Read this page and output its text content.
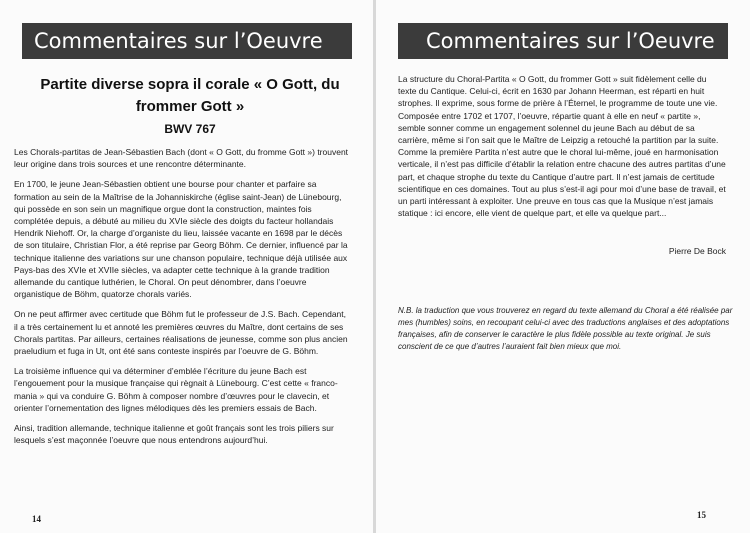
Commentaires sur l’Oeuvre
Partite diverse sopra il corale « O Gott, du frommer Gott »
BWV 767

Les Chorals-partitas de Jean-Sébastien Bach (dont « O Gott, du fromme Gott ») trouvent leur origine dans trois sources et une rencontre déterminante.

En 1700, le jeune Jean-Sébastien obtient une bourse pour chanter et parfaire sa formation au sein de la Maîtrise de la Johanniskirche (église saint-Jean) de Lünebourg, qui possède en son sein un magnifique orgue dont la construction, maintes fois complétée depuis, a débuté au milieu du XVIe siècle des doigts du facteur hollandais Hendrik Niehoff. Or, la charge d’organiste du lieu, laissée vacante en 1698 par le décès de son titulaire, Christian Flor, a été reprise par Georg Böhm. Ce dernier, influencé par la technique italienne des variations sur une chanson populaire, technique déjà utilisée aux Pays-bas des XVIe et XVIIe siècles, va adapter cette technique à la grande tradition allemande du cantique luthérien, le Choral. On peut dénombrer, dans l’oeuvre organistique de Böhm, quatorze chorals variés.

On ne peut affirmer avec certitude que Böhm fut le professeur de J.S. Bach. Cependant, il a très certainement lu et annoté les premières œuvres du Maître, dont certains de ses Chorals partitas. Par ailleurs, certaines réalisations de jeunesse, comme son plus ancien praeludium et fuga in Ut, ont été sans conteste inspirés par l’oeuvre de G. Böhm.

La troisième influence qui va déterminer d’emblée l’écriture du jeune Bach est l’engouement pour la musique française qui règnait à Lünebourg. C’est cette « franco-mania » qui va conduire G. Böhm à composer nombre d’œuvres pour le clavecin, et orienter l’ornementation des lignes mélodiques dès les premiers essais de Bach.

Ainsi, tradition allemande, technique italienne et goût français sont les trois piliers sur lesquels s’est maçonnée l’oeuvre que nous entendrons aujourd’hui.

14
Commentaires sur l’Oeuvre

La structure du Choral-Partita « O Gott, du frommer Gott » suit fidèlement celle du texte du Cantique. Celui-ci, écrit en 1630 par Johann Heerman, est réparti en huit strophes. Il exprime, sous forme de prière à l’Éternel, le programme de toute une vie. Composée entre 1702 et 1707, l’oeuvre, répartie quant à elle en neuf « partite », semble sonner comme un engagement solennel du jeune Bach au début de sa carrière, même si l’on sait que le Maître de Leipzig a retouché la partition par la suite.

Comme la première Partita n’est autre que le choral lui-même, joué en harmonisation verticale, il n’est pas difficile d’établir la relation entre chacune des autres partitas d’une part, et chaque strophe du texte du Cantique d’autre part. Il n’est jamais de certitude scientifique en ces domaines. Tout au plus s’est-il agi pour moi d’une base de travail, et un parti intéressant à exploiter. Une preuve en tous cas que la Musique n’est jamais statique : ici encore, elle vient de quelque part, et elle va quelque part...

Pierre De Bock
N.B. la traduction que vous trouverez en regard du texte allemand du Choral a été réalisée par mes (humbles) soins, en recoupant celui-ci avec des traductions anglaises et des adoptations françaises, afin de conserver le caractère le plus fidèle possible au texte original. Je suis conscient de ce que d’autres l’auraient fait bien mieux que moi.
15
